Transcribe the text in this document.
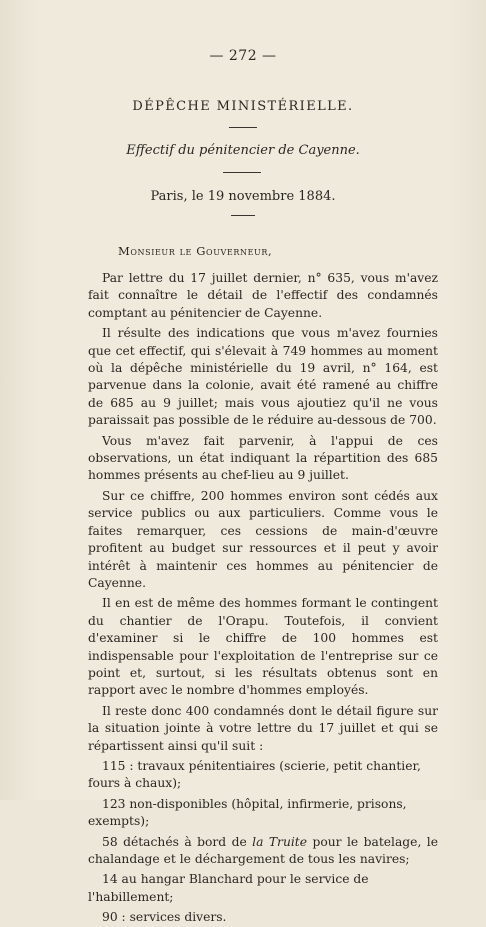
— 272 —
DÉPÊCHE MINISTÉRIELLE.
Effectif du pénitencier de Cayenne.
Paris, le 19 novembre 1884.
Monsieur le Gouverneur,

Par lettre du 17 juillet dernier, n° 635, vous m'avez fait connaître le détail de l'effectif des condamnés comptant au pénitencier de Cayenne.

Il résulte des indications que vous m'avez fournies que cet effectif, qui s'élevait à 749 hommes au moment où la dépêche ministérielle du 19 avril, n° 164, est parvenue dans la colonie, avait été ramené au chiffre de 685 au 9 juillet; mais vous ajoutiez qu'il ne vous paraissait pas possible de le réduire au-dessous de 700.

Vous m'avez fait parvenir, à l'appui de ces observations, un état indiquant la répartition des 685 hommes présents au chef-lieu au 9 juillet.

Sur ce chiffre, 200 hommes environ sont cédés aux service publics ou aux particuliers. Comme vous le faites remarquer, ces cessions de main-d'œuvre profitent au budget sur ressources et il peut y avoir intérêt à maintenir ces hommes au pénitencier de Cayenne.

Il en est de même des hommes formant le contingent du chantier de l'Orapu. Toutefois, il convient d'examiner si le chiffre de 100 hommes est indispensable pour l'exploitation de l'entreprise sur ce point et, surtout, si les résultats obtenus sont en rapport avec le nombre d'hommes employés.

Il reste donc 400 condamnés dont le détail figure sur la situation jointe à votre lettre du 17 juillet et qui se répartissent ainsi qu'il suit :

115 : travaux pénitentiaires (scierie, petit chantier, fours à chaux);

123 non-disponibles (hôpital, infirmerie, prisons, exempts);

58 détachés à bord de la Truite pour le batelage, le chalandage et le déchargement de tous les navires;

14 au hangar Blanchard pour le service de l'habillement;

90 : services divers.
